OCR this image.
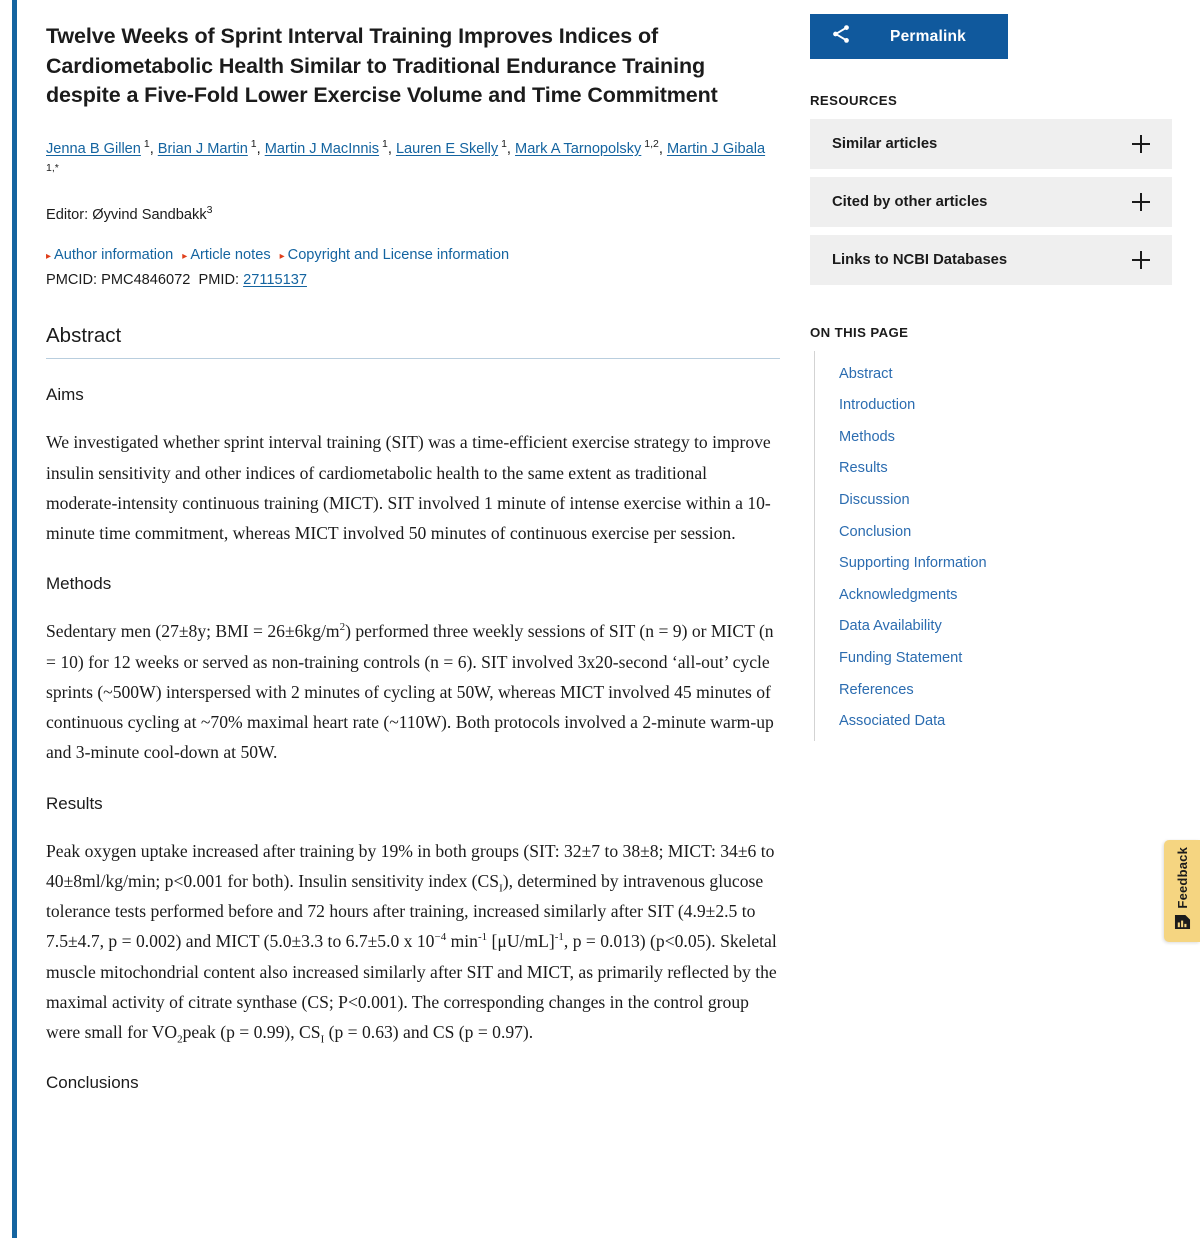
Twelve Weeks of Sprint Interval Training Improves Indices of Cardiometabolic Health Similar to Traditional Endurance Training despite a Five-Fold Lower Exercise Volume and Time Commitment
Jenna B Gillen $^1$, Brian J Martin $^1$, Martin J MacInnis $^1$, Lauren E Skelly $^1$, Mark A Tarnopolsky $^{1,2}$, Martin J Gibala $^{1,*}$
Editor: Øyvind Sandbakk$^3$
▸ Author information ▸ Article notes ▸ Copyright and License information
PMCID: PMC4846072 PMID: 27115137
Abstract
Aims

We investigated whether sprint interval training (SIT) was a time-efficient exercise strategy to improve insulin sensitivity and other indices of cardiometabolic health to the same extent as traditional moderate-intensity continuous training (MICT). SIT involved 1 minute of intense exercise within a 10-minute time commitment, whereas MICT involved 50 minutes of continuous exercise per session.

Methods

Sedentary men (27±8y; BMI = $26\pm 6kg/m^2$) performed three weekly sessions of SIT (n = 9) or MICT (n = 10) for 12 weeks or served as non-training controls (n = 6). SIT involved 3x20-second ‘all-out’ cycle sprints (~500W) interspersed with 2 minutes of cycling at 50W, whereas MICT involved 45 minutes of continuous cycling at ~70% maximal heart rate (~110W). Both protocols involved a 2-minute warm-up and 3-minute cool-down at 50W.

Results

Peak oxygen uptake increased after training by 19% in both groups (SIT: 32±7 to 38±8; MICT: 34±6 to 40±8ml/kg/min; p<0.001 for both). Insulin sensitivity index $(CS_I)$, determined by intravenous glucose tolerance tests performed before and 72 hours after training, increased similarly after SIT (4.9±2.5 to 7.5±4.7, p = 0.002) and MICT (5.0±3.3 to 6.7±5.0 x $10^{-4}$ $\min^{-1} [\mu U/mL]^{-1}$, p = 0.013) (p<0.05). Skeletal muscle mitochondrial content also increased similarly after SIT and MICT, as primarily reflected by the maximal activity of citrate synthase (CS; P<0.001). The corresponding changes in the control group were small for $VO_2peak$ (p = 0.99), $CS_I$ (p = 0.63) and CS (p = 0.97).

Conclusions
Permalink
RESOURCES
Similar articles
Cited by other articles
Links to NCBI Databases
ON THIS PAGE
Abstract
Introduction
Methods
Results
Discussion
Conclusion
Supporting Information
Acknowledgments
Data Availability
Funding Statement
References
Associated Data
Feedback
